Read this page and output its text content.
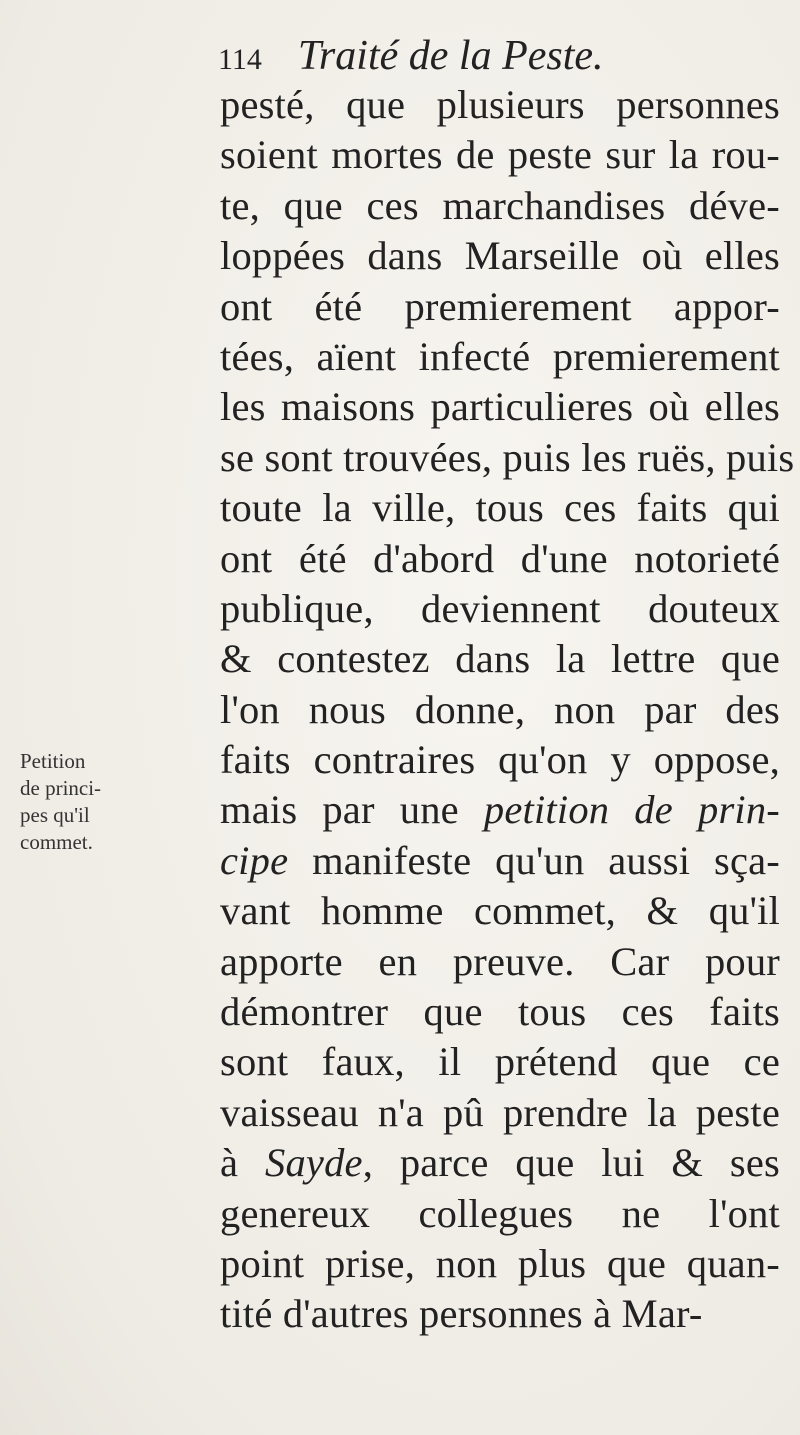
114 Traité de la Peste.
pesté, que plusieurs personnes
soient mortes de peste sur la rou-
te, que ces marchandises déve-
loppées dans Marseille où elles
ont été premierement appor-
tées, aïent infecté premierement
les maisons particulieres où elles
se sont trouvées, puis les ruës, puis
toute la ville, tous ces faits qui
ont été d'abord d'une notorieté
publique, deviennent douteux
& contestez dans la lettre que
l'on nous donne, non par des
faits contraires qu'on y oppose,
mais par une petition de prin-
cipe manifeste qu'un aussi sça-
vant homme commet, & qu'il
apporte en preuve. Car pour
démontrer que tous ces faits
sont faux, il prétend que ce
vaisseau n'a pû prendre la peste
à Sayde, parce que lui & ses
genereux collegues ne l'ont
point prise, non plus que quan-
tité d'autres personnes à Mar-
Petition
de princi-
pes qu'il
commet.
